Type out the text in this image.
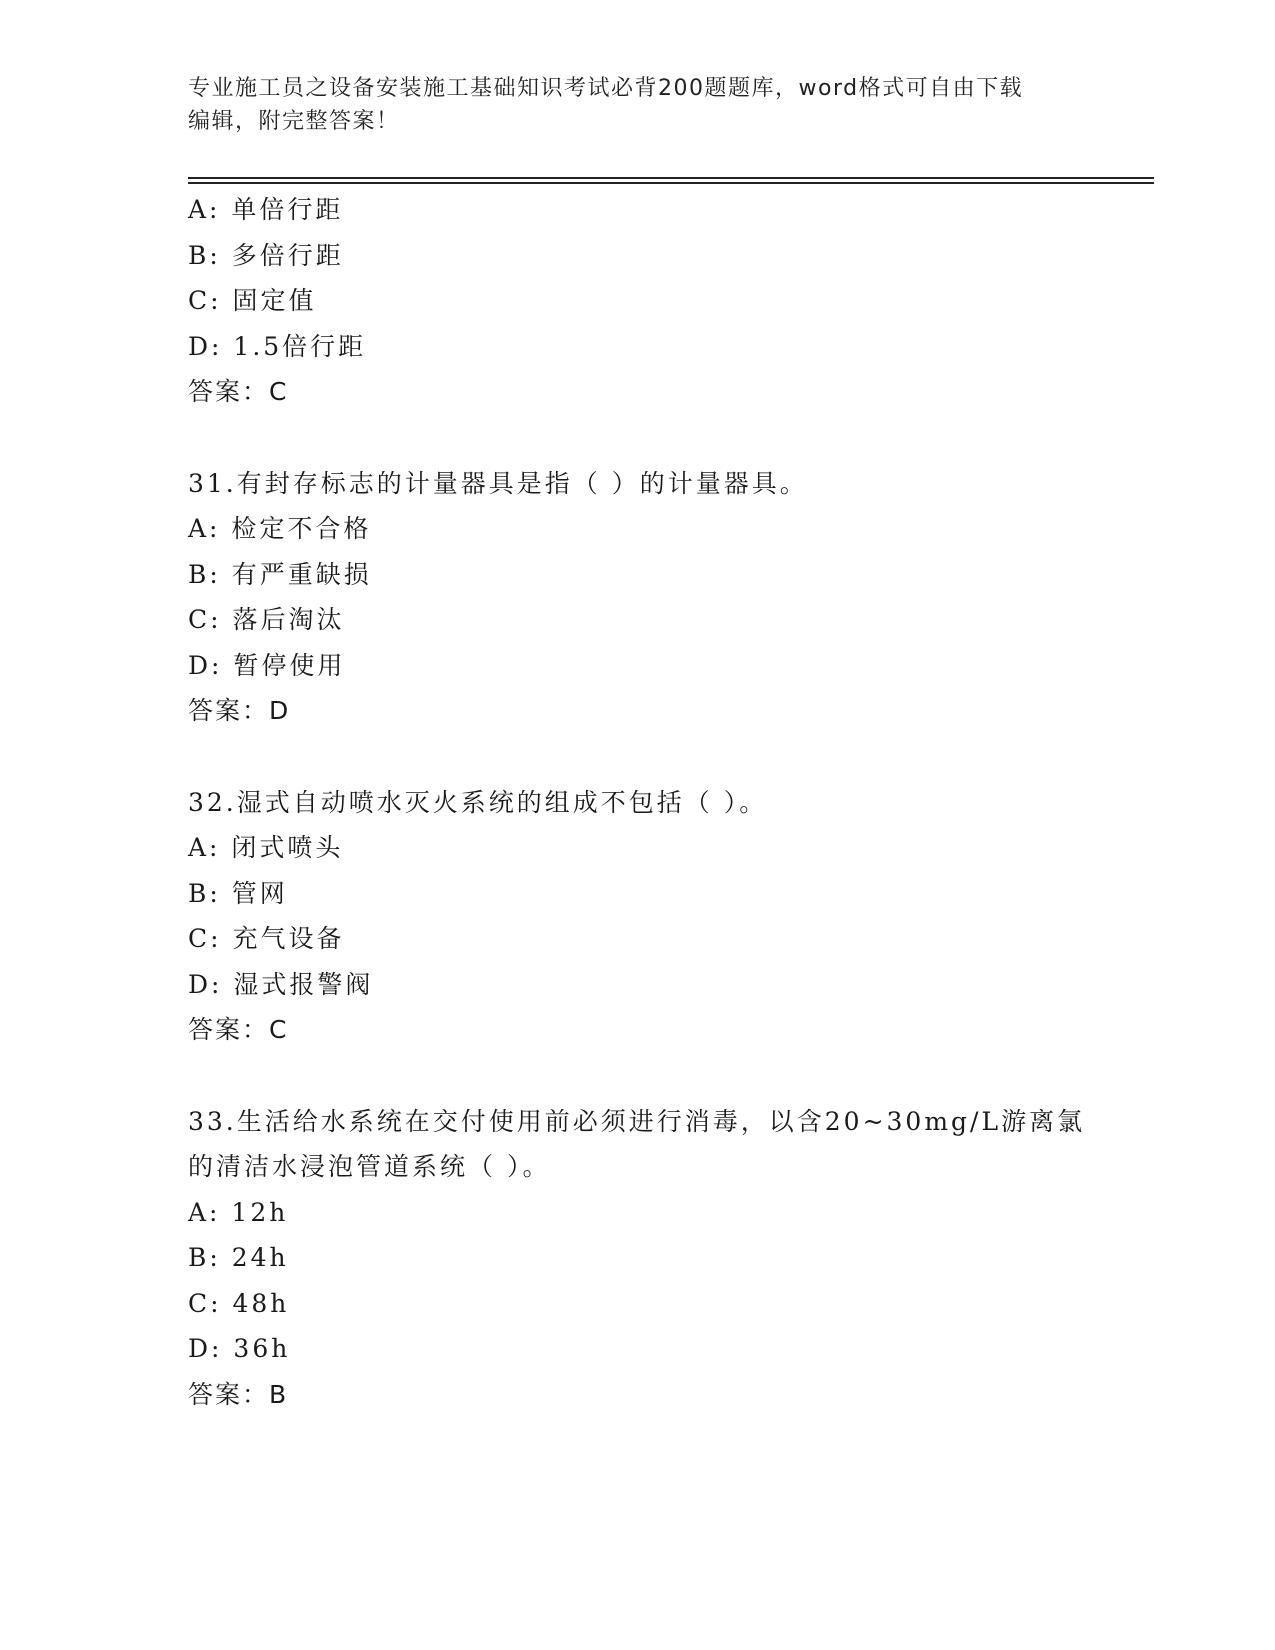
专业施工员之设备安装施工基础知识考试必背200题题库，word格式可自由下载
编辑，附完整答案！
A: 单倍行距
B: 多倍行距
C: 固定值
D: 1.5倍行距
答案：C
31.有封存标志的计量器具是指（ ）的计量器具。
A: 检定不合格
B: 有严重缺损
C: 落后淘汰
D: 暂停使用
答案：D
32.湿式自动喷水灭火系统的组成不包括（ ）。
A: 闭式喷头
B: 管网
C: 充气设备
D: 湿式报警阀
答案：C
33.生活给水系统在交付使用前必须进行消毒，以含20~30mg/L游离氯
的清洁水浸泡管道系统（ ）。
A: 12h
B: 24h
C: 48h
D: 36h
答案：B
